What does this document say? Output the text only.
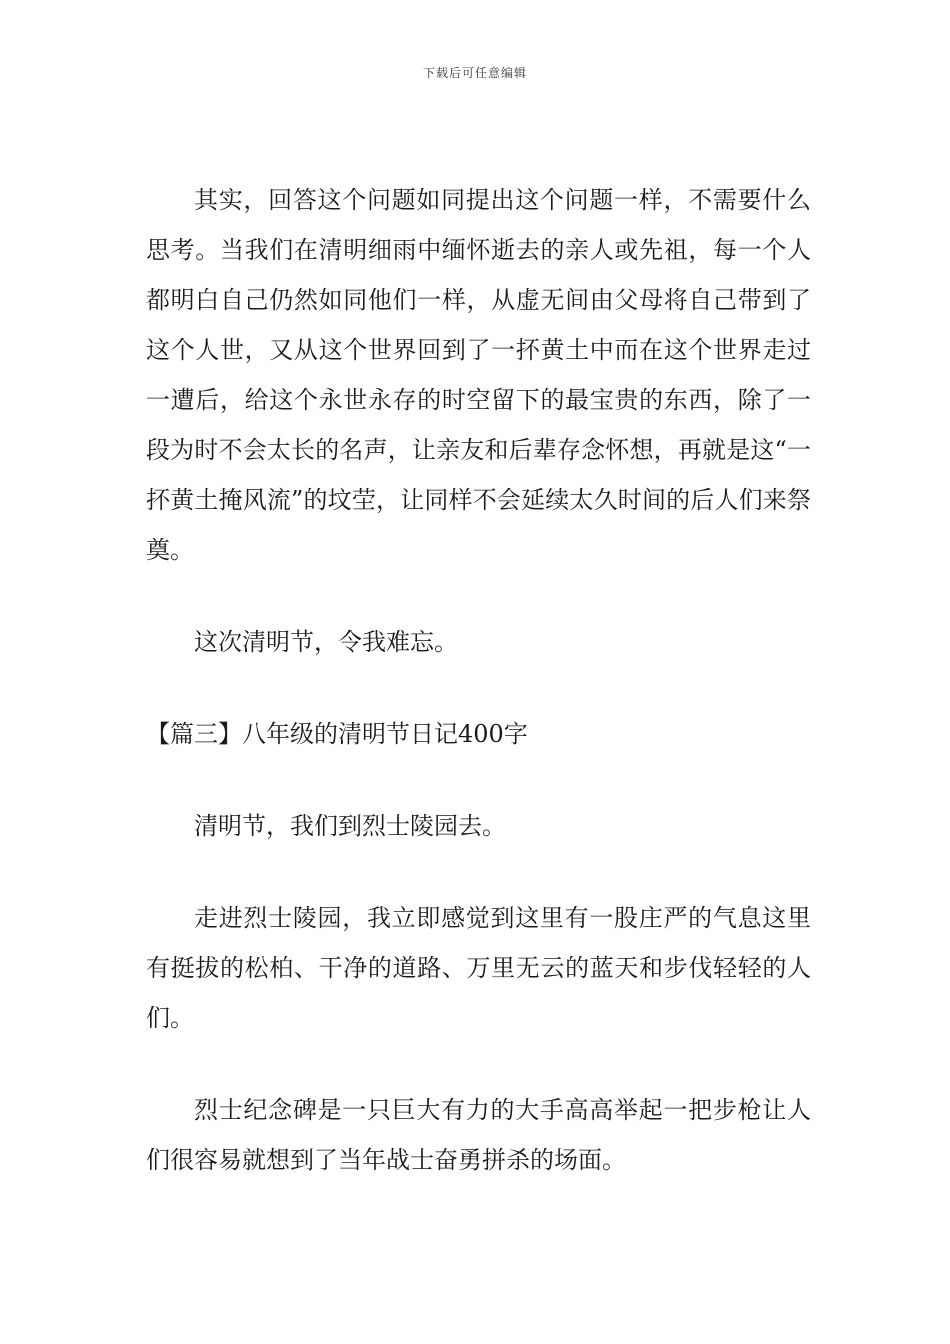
下载后可任意编辑

其实，回答这个问题如同提出这个问题一样，不需要什么思考。当我们在清明细雨中缅怀逝去的亲人或先祖，每一个人都明白自己仍然如同他们一样，从虚无间由父母将自己带到了这个人世，又从这个世界回到了一抔黄土中而在这个世界走过一遭后，给这个永世永存的时空留下的最宝贵的东西，除了一段为时不会太长的名声，让亲友和后辈存念怀想，再就是这“一抔黄土掩风流”的坟茔，让同样不会延续太久时间的后人们来祭奠。

这次清明节，令我难忘。

【篇三】八年级的清明节日记400字

清明节，我们到烈士陵园去。

走进烈士陵园，我立即感觉到这里有一股庄严的气息这里有挺拔的松柏、干净的道路、万里无云的蓝天和步伐轻轻的人们。

烈士纪念碑是一只巨大有力的大手高高举起一把步枪让人们很容易就想到了当年战士奋勇拼杀的场面。
